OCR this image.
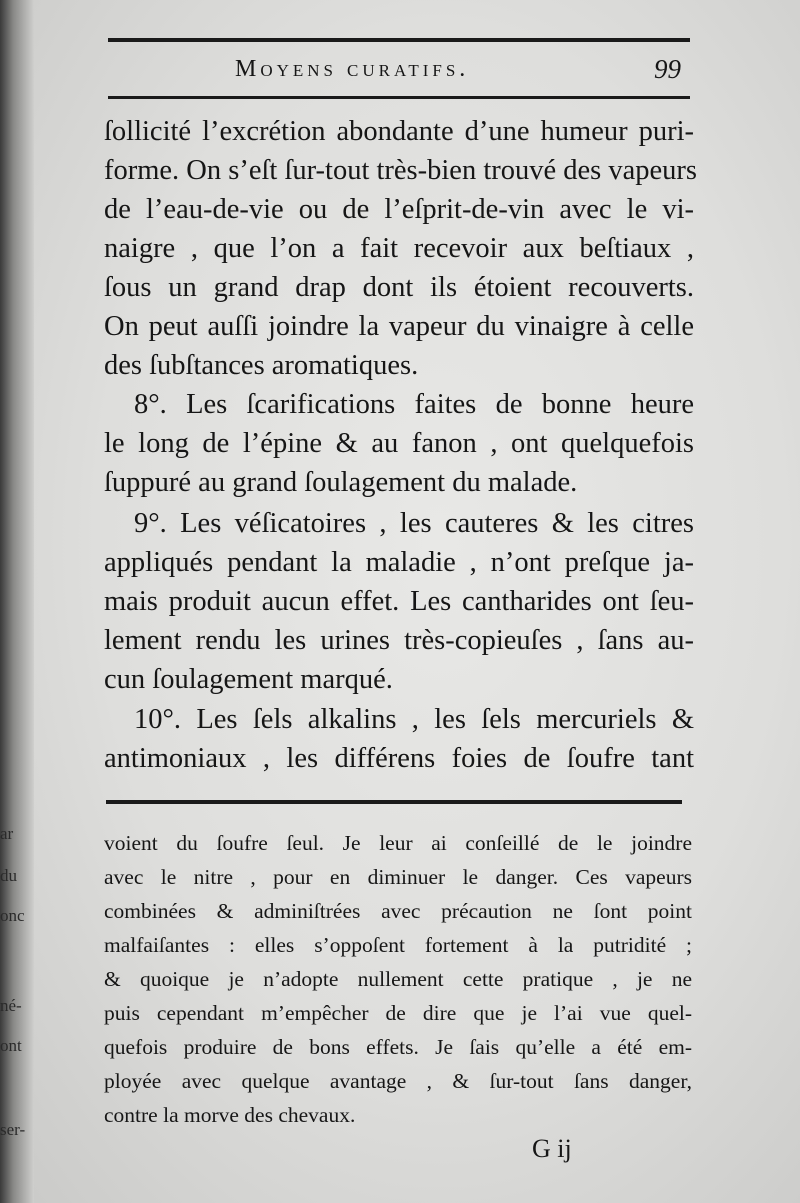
ar
du
onc
né-
ont
ser-
Moyens curatifs.	99
ſollicité l’excrétion abondante d’une humeur puri-
forme. On s’eſt ſur-tout très-bien trouvé des vapeurs
de l’eau-de-vie ou de l’eſprit-de-vin avec le vi-
naigre , que l’on a fait recevoir aux beſtiaux ,
ſous un grand drap dont ils étoient recouverts.
On peut auſſi joindre la vapeur du vinaigre à celle
des ſubſtances aromatiques.
8°. Les ſcarifications faites de bonne heure
le long de l’épine & au fanon , ont quelquefois
ſuppuré au grand ſoulagement du malade.
9°. Les véſicatoires , les cauteres & les citres
appliqués pendant la maladie , n’ont preſque ja-
mais produit aucun effet. Les cantharides ont ſeu-
lement rendu les urines très-copieuſes , ſans au-
cun ſoulagement marqué.
10°. Les ſels alkalins , les ſels mercuriels &
antimoniaux , les différens foies de ſoufre tant
voient du ſoufre ſeul. Je leur ai conſeillé de le joindre
avec le nitre , pour en diminuer le danger. Ces vapeurs
combinées & adminiſtrées avec précaution ne ſont point
malfaiſantes : elles s’oppoſent fortement à la putridité ;
& quoique je n’adopte nullement cette pratique , je ne
puis cependant m’empêcher de dire que je l’ai vue quel-
quefois produire de bons effets. Je ſais qu’elle a été em-
ployée avec quelque avantage , & ſur-tout ſans danger,
contre la morve des chevaux.
G ij
